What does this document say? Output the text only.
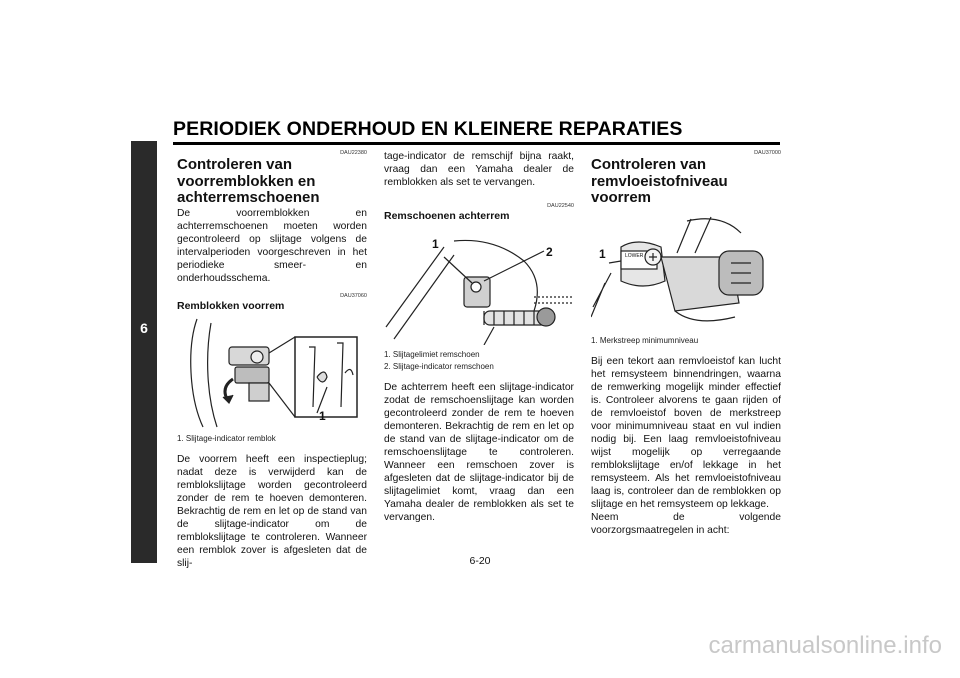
PERIODIEK ONDERHOUD EN KLEINERE REPARATIES
6
DAU22380
Controleren van voorremblokken en achterremschoenen

De voorremblokken en achterremschoenen moeten worden gecontroleerd op slijtage volgens de intervalperioden voorgeschreven in het periodieke smeer- en onderhoudsschema.

DAU37060
Remblokken voorrem
1

1. Slijtage-indicator remblok

De voorrem heeft een inspectieplug; nadat deze is verwijderd kan de remblokslijtage worden gecontroleerd zonder de rem te hoeven demonteren. Bekrachtig de rem en let op de stand van de slijtage-indicator om de remblokslijtage te controleren. Wanneer een remblok zover is afgesleten dat de slij-

tage-indicator de remschijf bijna raakt, vraag dan een Yamaha dealer de remblokken als set te vervangen.

DAU22540
Remschoenen achterrem
1
2

1. Slijtagelimiet remschoen

2. Slijtage-indicator remschoen

De achterrem heeft een slijtage-indicator zodat de remschoenslijtage kan worden gecontroleerd zonder de rem te hoeven demonteren. Bekrachtig de rem en let op de stand van de slijtage-indicator om de remschoenslijtage te controleren. Wanneer een remschoen zover is afgesleten dat de slijtage-indicator bij de slijtagelimiet komt, vraag dan een Yamaha dealer de remblokken als set te vervangen.

DAU37000
Controleren van remvloeistofniveau voorrem
1	LOWER

1. Merkstreep minimumniveau

Bij een tekort aan remvloeistof kan lucht het remsysteem binnendringen, waarna de remwerking mogelijk minder effectief is. Controleer alvorens te gaan rijden of de remvloeistof boven de merkstreep voor minimumniveau staat en vul indien nodig bij. Een laag remvloeistofniveau wijst mogelijk op verregaande remblokslijtage en/of lekkage in het remsysteem. Als het remvloeistofniveau laag is, controleer dan de remblokken op slijtage en het remsysteem op lekkage.

Neem de volgende voorzorgsmaatregelen in acht:

6-20
carmanualsonline.info
